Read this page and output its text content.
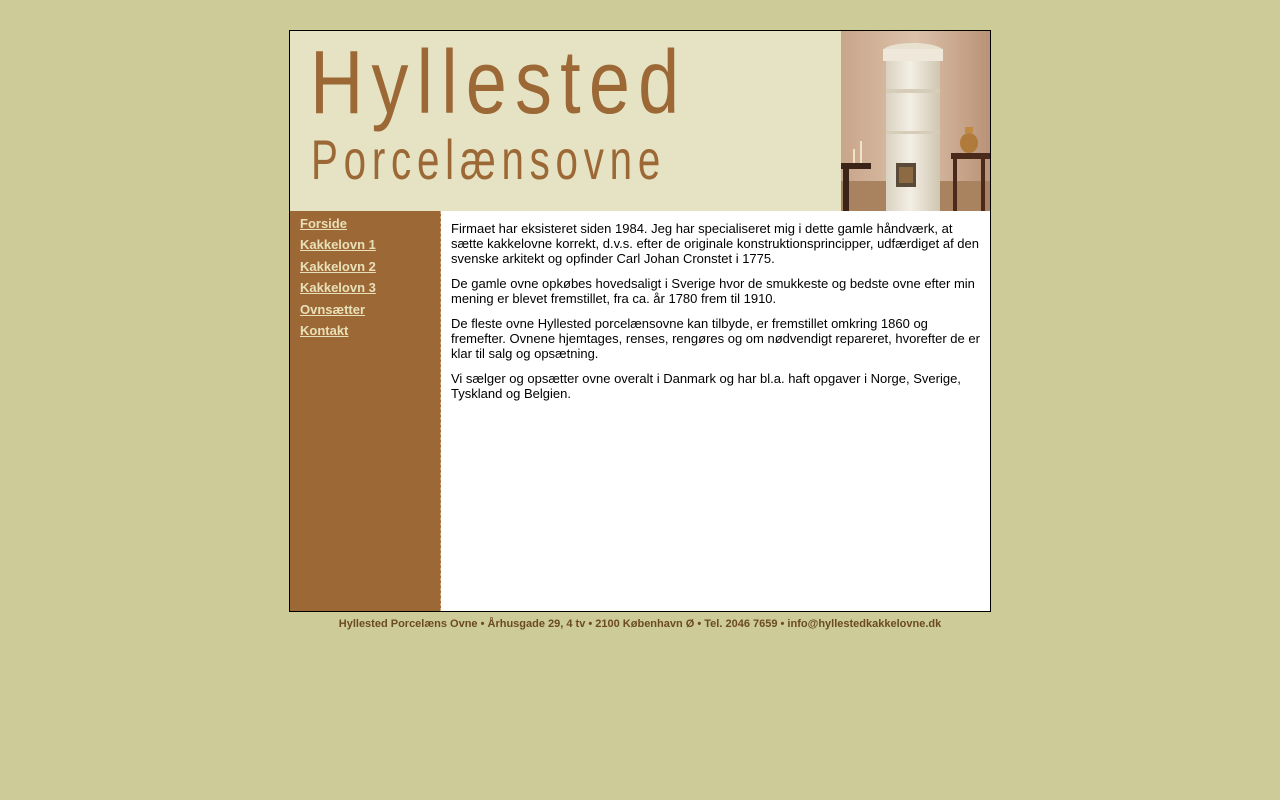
Hyllested
Porcelænsovne
Forside
Kakkelovn 1
Kakkelovn 2
Kakkelovn 3
Ovnsætter
Kontakt

Firmaet har eksisteret siden 1984. Jeg har specialiseret mig i dette gamle håndværk, at sætte kakkelovne korrekt, d.v.s. efter de originale konstruktionsprincipper, udfærdiget af den svenske arkitekt og opfinder Carl Johan Cronstet i 1775.

De gamle ovne opkøbes hovedsaligt i Sverige hvor de smukkeste og bedste ovne efter min mening er blevet fremstillet, fra ca. år 1780 frem til 1910.

De fleste ovne Hyllested porcelænsovne kan tilbyde, er fremstillet omkring 1860 og fremefter. Ovnene hjemtages, renses, rengøres og om nødvendigt repareret, hvorefter de er klar til salg og opsætning.

Vi sælger og opsætter ovne overalt i Danmark og har bl.a. haft opgaver i Norge, Sverige, Tyskland og Belgien.

Hyllested Porcelæns Ovne • Århusgade 29, 4 tv • 2100 København Ø • Tel. 2046 7659 • info@hyllestedkakkelovne.dk
